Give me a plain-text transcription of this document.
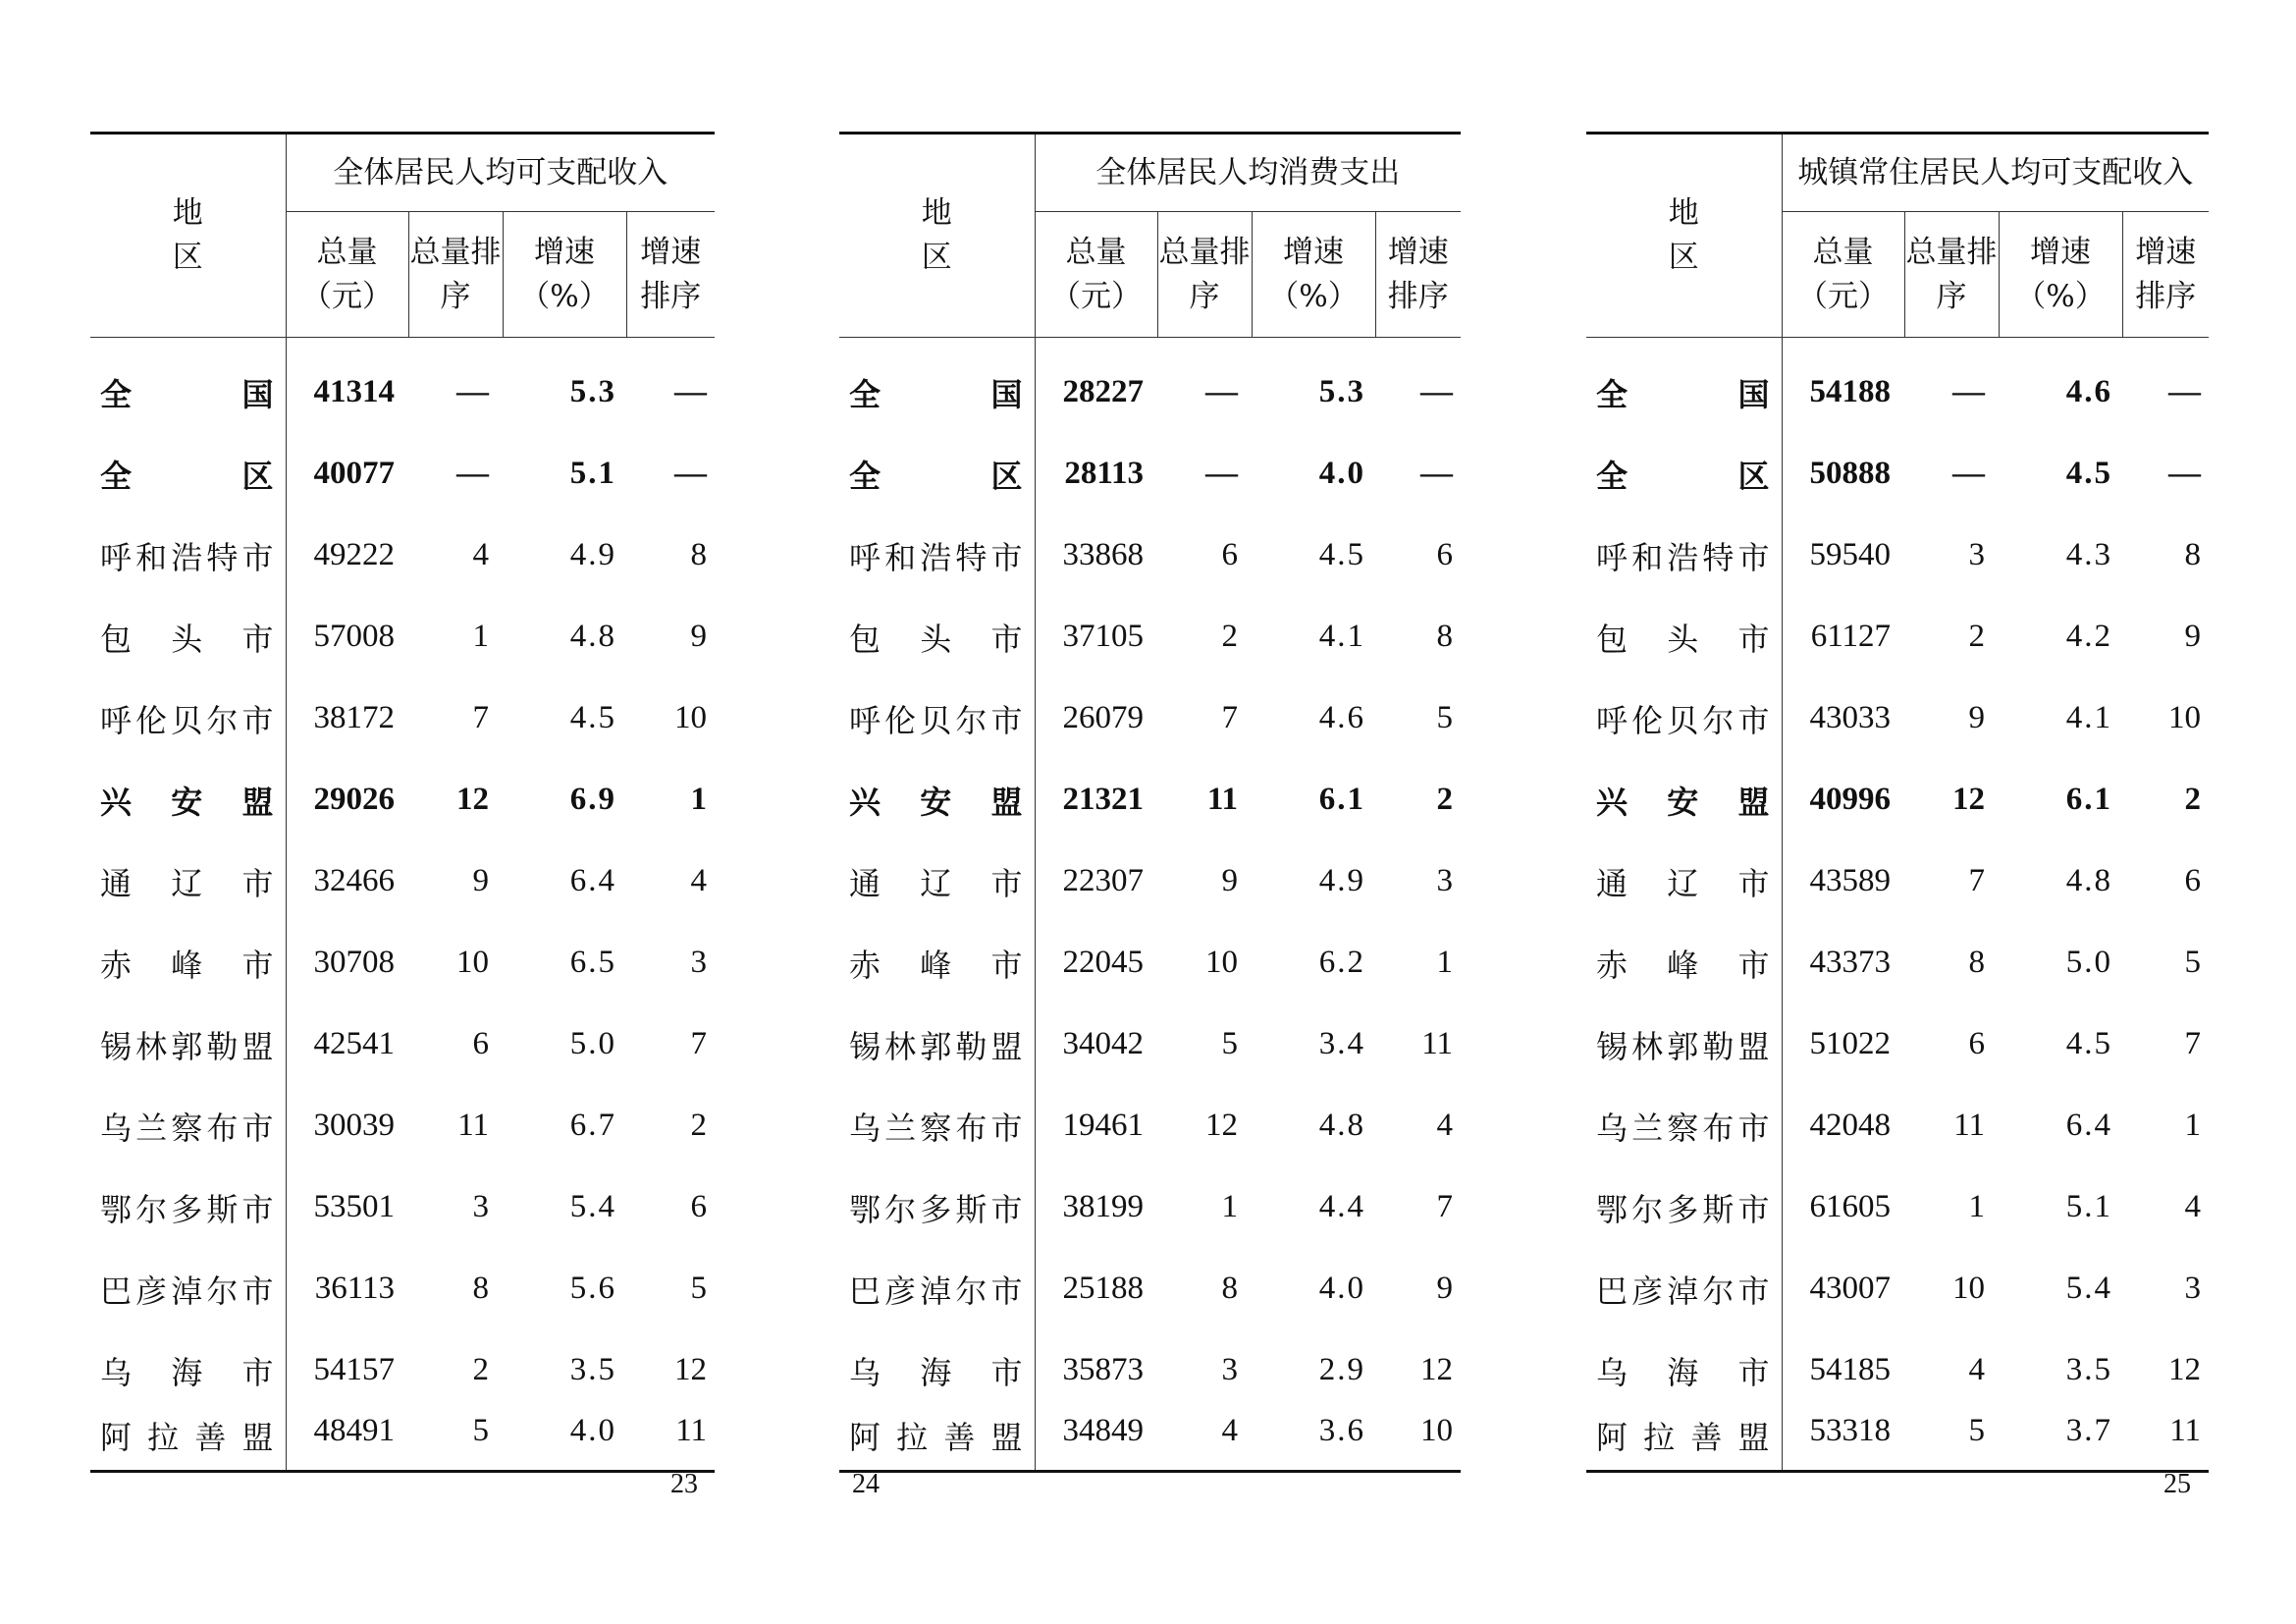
地区	全体居民人均可支配收入			
	总量（元）	总量排序	增速（%）	增速排序

全 国	41314	—	5.3	—

全 区	40077	—	5.1	—

呼 和 浩 特 市	49222	4	4.9	8

包 头 市	57008	1	4.8	9

呼 伦 贝 尔 市	38172	7	4.5	10

兴 安 盟	29026	12	6.9	1

通 辽 市	32466	9	6.4	4

赤 峰 市	30708	10	6.5	3

锡 林 郭 勒 盟	42541	6	5.0	7

乌 兰 察 布 市	30039	11	6.7	2

鄂 尔 多 斯 市	53501	3	5.4	6

巴 彦 淖 尔 市	36113	8	5.6	5

乌 海 市	54157	2	3.5	12

阿 拉 善 盟	48491	5	4.0	11
23
地区	全体居民人均消费支出			
	总量（元）	总量排序	增速（%）	增速排序

全 国	28227	—	5.3	—

全 区	28113	—	4.0	—

呼 和 浩 特 市	33868	6	4.5	6

包 头 市	37105	2	4.1	8

呼 伦 贝 尔 市	26079	7	4.6	5

兴 安 盟	21321	11	6.1	2

通 辽 市	22307	9	4.9	3

赤 峰 市	22045	10	6.2	1

锡 林 郭 勒 盟	34042	5	3.4	11

乌 兰 察 布 市	19461	12	4.8	4

鄂 尔 多 斯 市	38199	1	4.4	7

巴 彦 淖 尔 市	25188	8	4.0	9

乌 海 市	35873	3	2.9	12

阿 拉 善 盟	34849	4	3.6	10
24
地区	城镇常住居民人均可支配收入			
	总量（元）	总量排序	增速（%）	增速排序

全 国	54188	—	4.6	—

全 区	50888	—	4.5	—

呼 和 浩 特 市	59540	3	4.3	8

包 头 市	61127	2	4.2	9

呼 伦 贝 尔 市	43033	9	4.1	10

兴 安 盟	40996	12	6.1	2

通 辽 市	43589	7	4.8	6

赤 峰 市	43373	8	5.0	5

锡 林 郭 勒 盟	51022	6	4.5	7

乌 兰 察 布 市	42048	11	6.4	1

鄂 尔 多 斯 市	61605	1	5.1	4

巴 彦 淖 尔 市	43007	10	5.4	3

乌 海 市	54185	4	3.5	12

阿 拉 善 盟	53318	5	3.7	11
25
